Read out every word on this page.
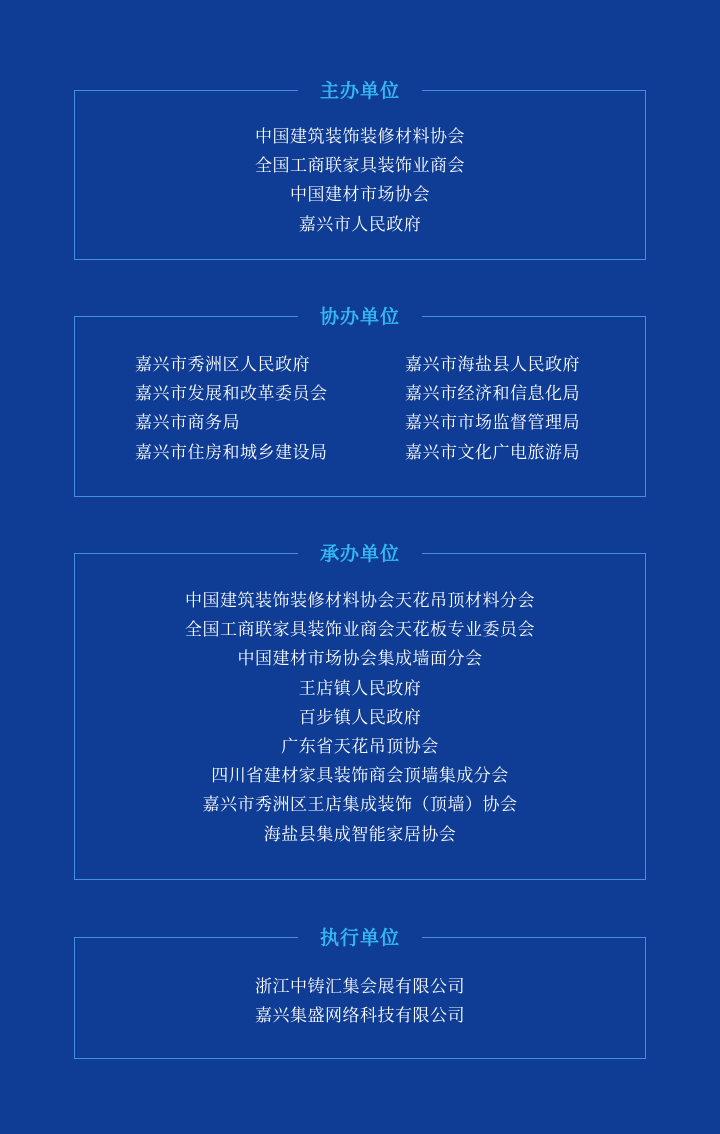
主办单位
中国建筑装饰装修材料协会
全国工商联家具装饰业商会
中国建材市场协会
嘉兴市人民政府
协办单位
嘉兴市秀洲区人民政府
嘉兴市发展和改革委员会
嘉兴市商务局
嘉兴市住房和城乡建设局
嘉兴市海盐县人民政府
嘉兴市经济和信息化局
嘉兴市市场监督管理局
嘉兴市文化广电旅游局
承办单位
中国建筑装饰装修材料协会天花吊顶材料分会
全国工商联家具装饰业商会天花板专业委员会
中国建材市场协会集成墙面分会
王店镇人民政府
百步镇人民政府
广东省天花吊顶协会
四川省建材家具装饰商会顶墙集成分会
嘉兴市秀洲区王店集成装饰（顶墙）协会
海盐县集成智能家居协会
执行单位
浙江中铸汇集会展有限公司
嘉兴集盛网络科技有限公司
